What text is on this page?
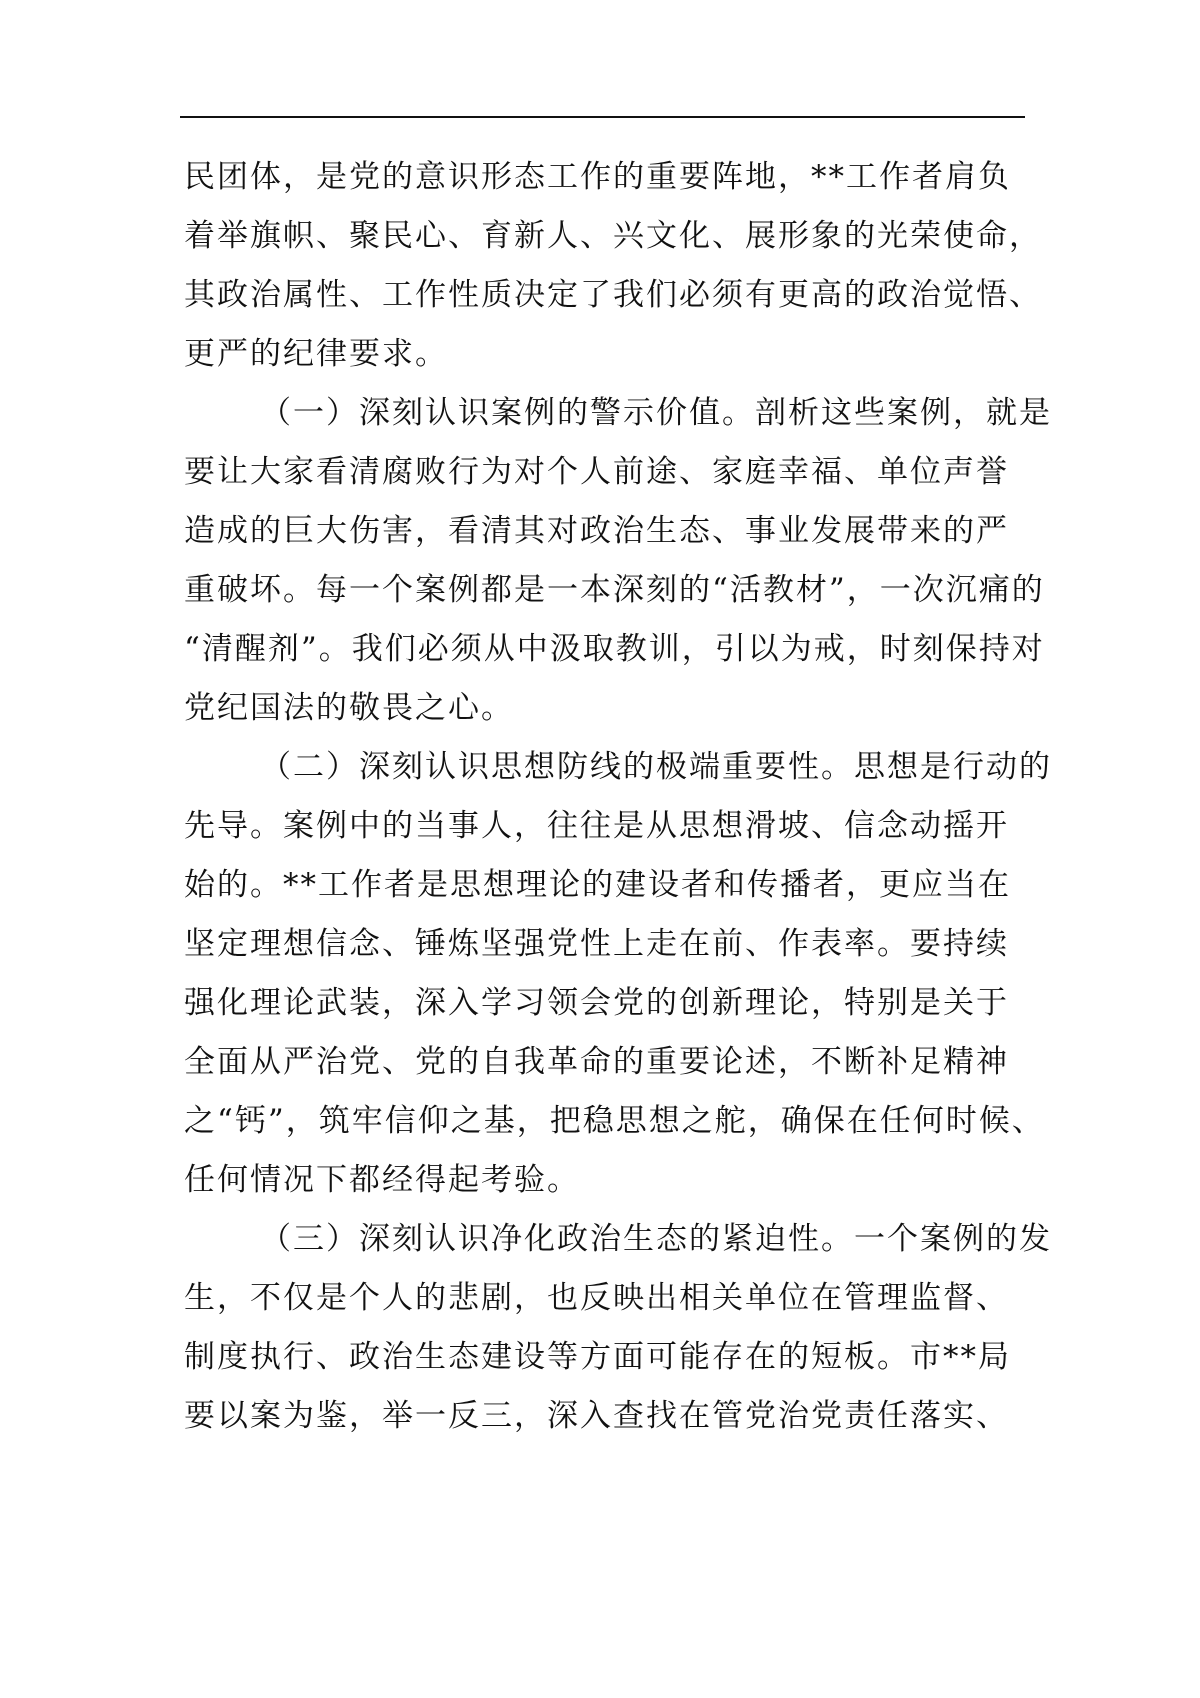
民团体，是党的意识形态工作的重要阵地，**工作者肩负
着举旗帜、聚民心、育新人、兴文化、展形象的光荣使命，
其政治属性、工作性质决定了我们必须有更高的政治觉悟、
更严的纪律要求。
（一）深刻认识案例的警示价值。剖析这些案例，就是
要让大家看清腐败行为对个人前途、家庭幸福、单位声誉
造成的巨大伤害，看清其对政治生态、事业发展带来的严
重破坏。每一个案例都是一本深刻的“活教材”，一次沉痛的
“清醒剂”。我们必须从中汲取教训，引以为戒，时刻保持对
党纪国法的敬畏之心。
（二）深刻认识思想防线的极端重要性。思想是行动的
先导。案例中的当事人，往往是从思想滑坡、信念动摇开
始的。**工作者是思想理论的建设者和传播者，更应当在
坚定理想信念、锤炼坚强党性上走在前、作表率。要持续
强化理论武装，深入学习领会党的创新理论，特别是关于
全面从严治党、党的自我革命的重要论述，不断补足精神
之“钙”，筑牢信仰之基，把稳思想之舵，确保在任何时候、
任何情况下都经得起考验。
（三）深刻认识净化政治生态的紧迫性。一个案例的发
生，不仅是个人的悲剧，也反映出相关单位在管理监督、
制度执行、政治生态建设等方面可能存在的短板。市**局
要以案为鉴，举一反三，深入查找在管党治党责任落实、
